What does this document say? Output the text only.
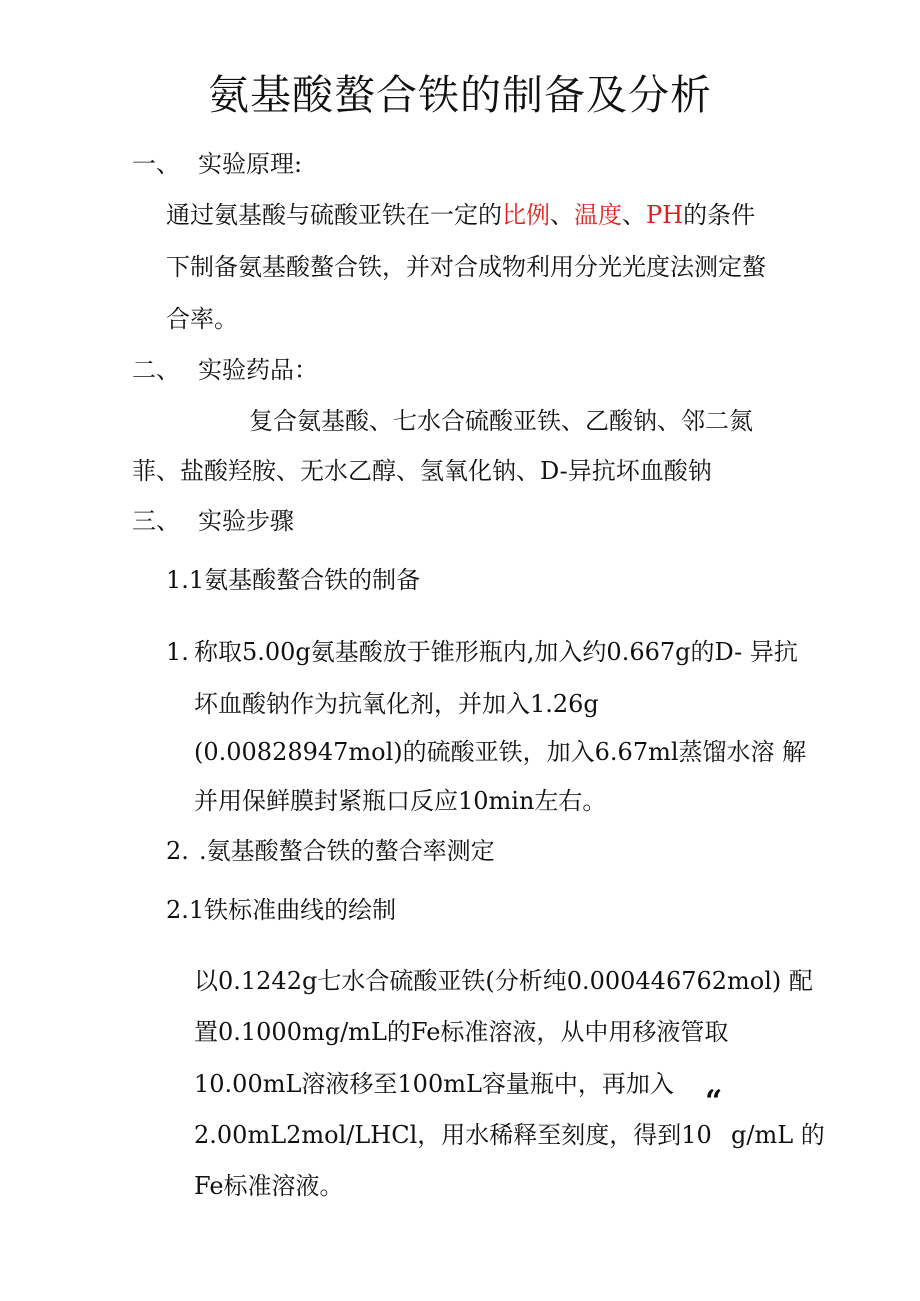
氨基酸螯合铁的制备及分析
一、 实验原理:
通过氨基酸与硫酸亚铁在一定的比例、温度、PH的条件
下制备氨基酸螯合铁，并对合成物利用分光光度法测定螯
合率。
二、 实验药品：
复合氨基酸、七水合硫酸亚铁、乙酸钠、邻二氮
菲、盐酸羟胺、无水乙醇、氢氧化钠、D-异抗坏血酸钠
三、 实验步骤
1.1氨基酸螯合铁的制备
1. 称取5.00g氨基酸放于锥形瓶内,加入约0.667g的D- 异抗
坏血酸钠作为抗氧化剂，并加入1.26g
(0.00828947mol)的硫酸亚铁，加入6.67ml蒸馏水溶 解
并用保鲜膜封紧瓶口反应10min左右。
2. .氨基酸螯合铁的螯合率测定
2.1铁标准曲线的绘制
以0.1242g七水合硫酸亚铁(分析纯0.000446762mol) 配
置0.1000mg/mL的Fe标准溶液，从中用移液管取
10.00mL溶液移至100mL容量瓶中，再加入 “
2.00mL2mol/LHCl，用水稀释至刻度，得到10 g/mL 的
Fe标准溶液。
